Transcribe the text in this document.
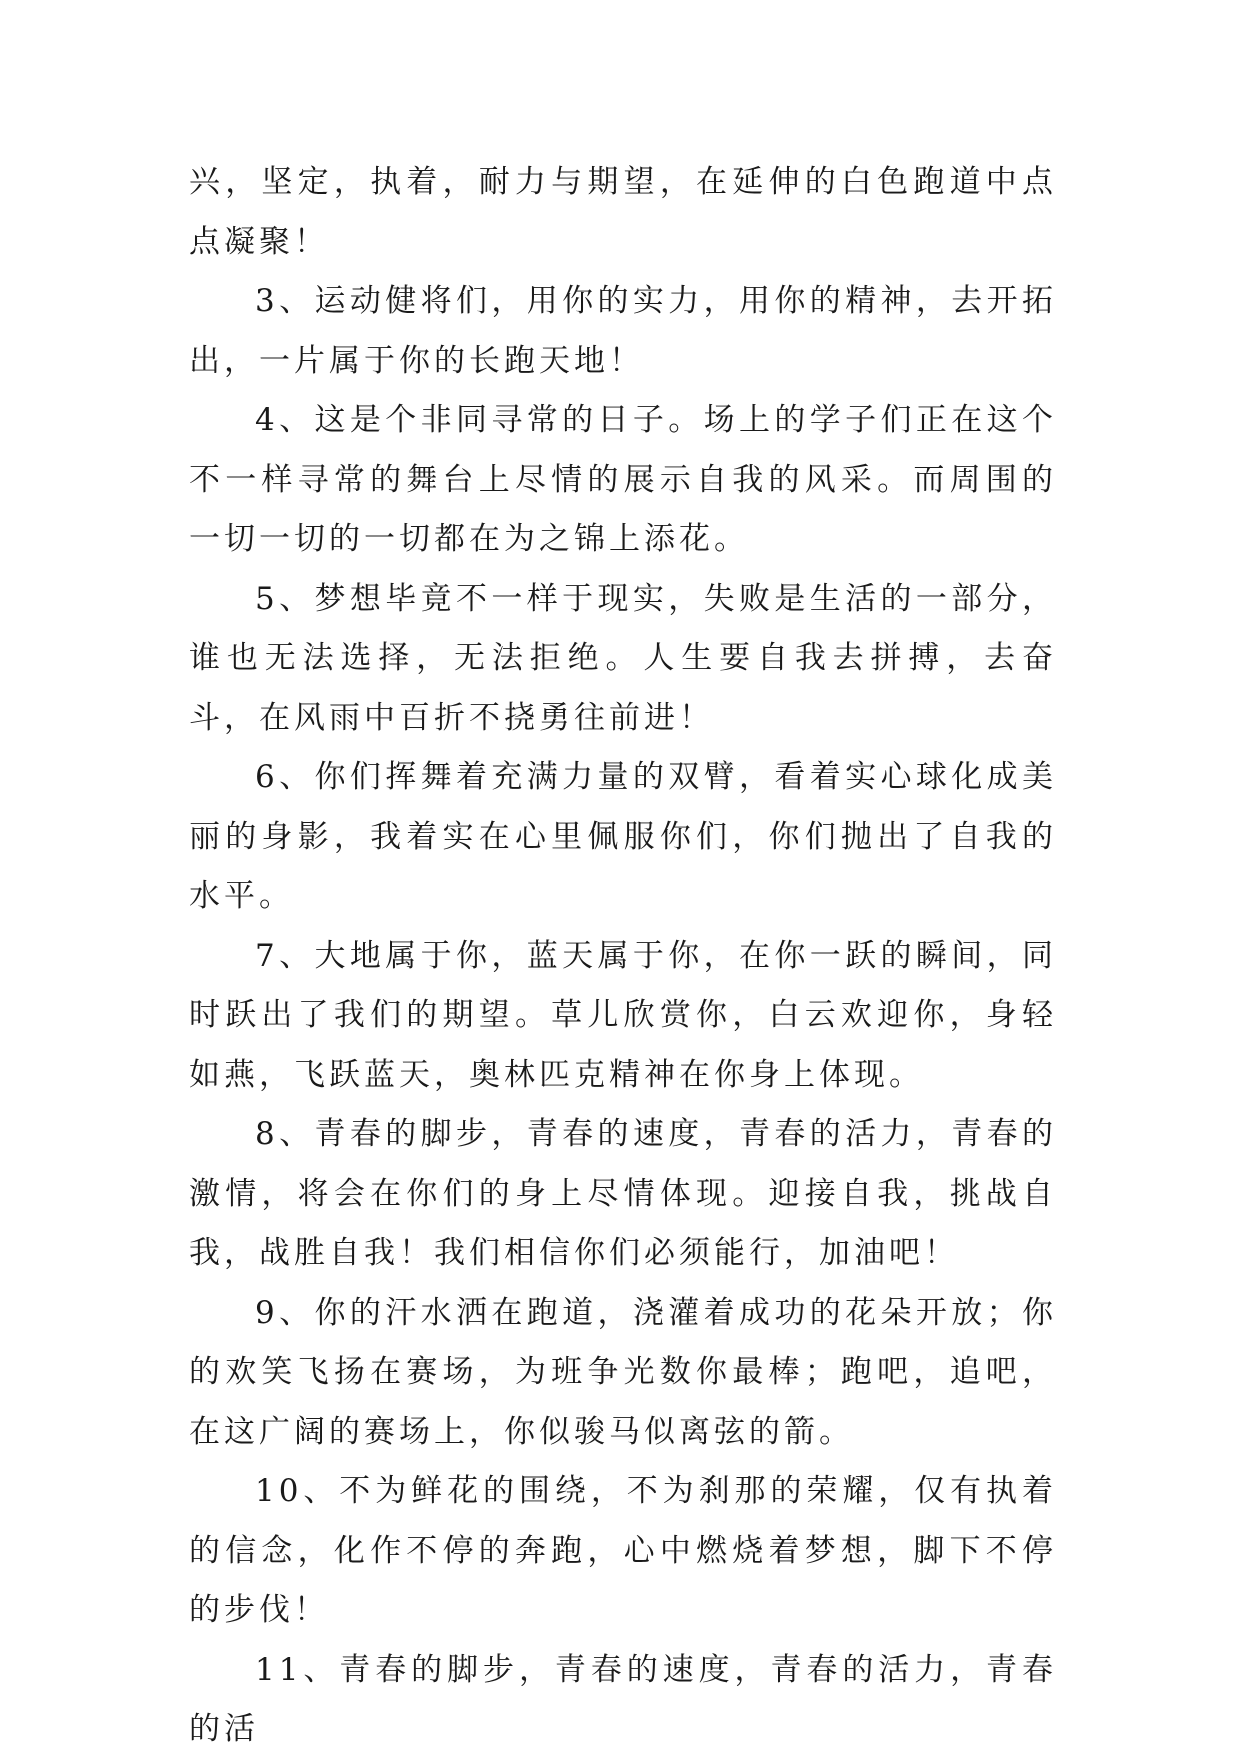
兴，坚定，执着，耐力与期望，在延伸的白色跑道中点点凝聚！

3、运动健将们，用你的实力，用你的精神，去开拓出，一片属于你的长跑天地！

4、这是个非同寻常的日子。场上的学子们正在这个不一样寻常的舞台上尽情的展示自我的风采。而周围的一切一切的一切都在为之锦上添花。

5、梦想毕竟不一样于现实，失败是生活的一部分，谁也无法选择，无法拒绝。人生要自我去拼搏，去奋斗，在风雨中百折不挠勇往前进！

6、你们挥舞着充满力量的双臂，看着实心球化成美丽的身影，我着实在心里佩服你们，你们抛出了自我的水平。

7、大地属于你，蓝天属于你，在你一跃的瞬间，同时跃出了我们的期望。草儿欣赏你，白云欢迎你，身轻如燕，飞跃蓝天，奥林匹克精神在你身上体现。

8、青春的脚步，青春的速度，青春的活力，青春的激情，将会在你们的身上尽情体现。迎接自我，挑战自我，战胜自我！我们相信你们必须能行，加油吧！

9、你的汗水洒在跑道，浇灌着成功的花朵开放；你的欢笑飞扬在赛场，为班争光数你最棒；跑吧，追吧，在这广阔的赛场上，你似骏马似离弦的箭。

10、不为鲜花的围绕，不为刹那的荣耀，仅有执着的信念，化作不停的奔跑，心中燃烧着梦想，脚下不停的步伐！

11、青春的脚步，青春的速度，青春的活力，青春的活
